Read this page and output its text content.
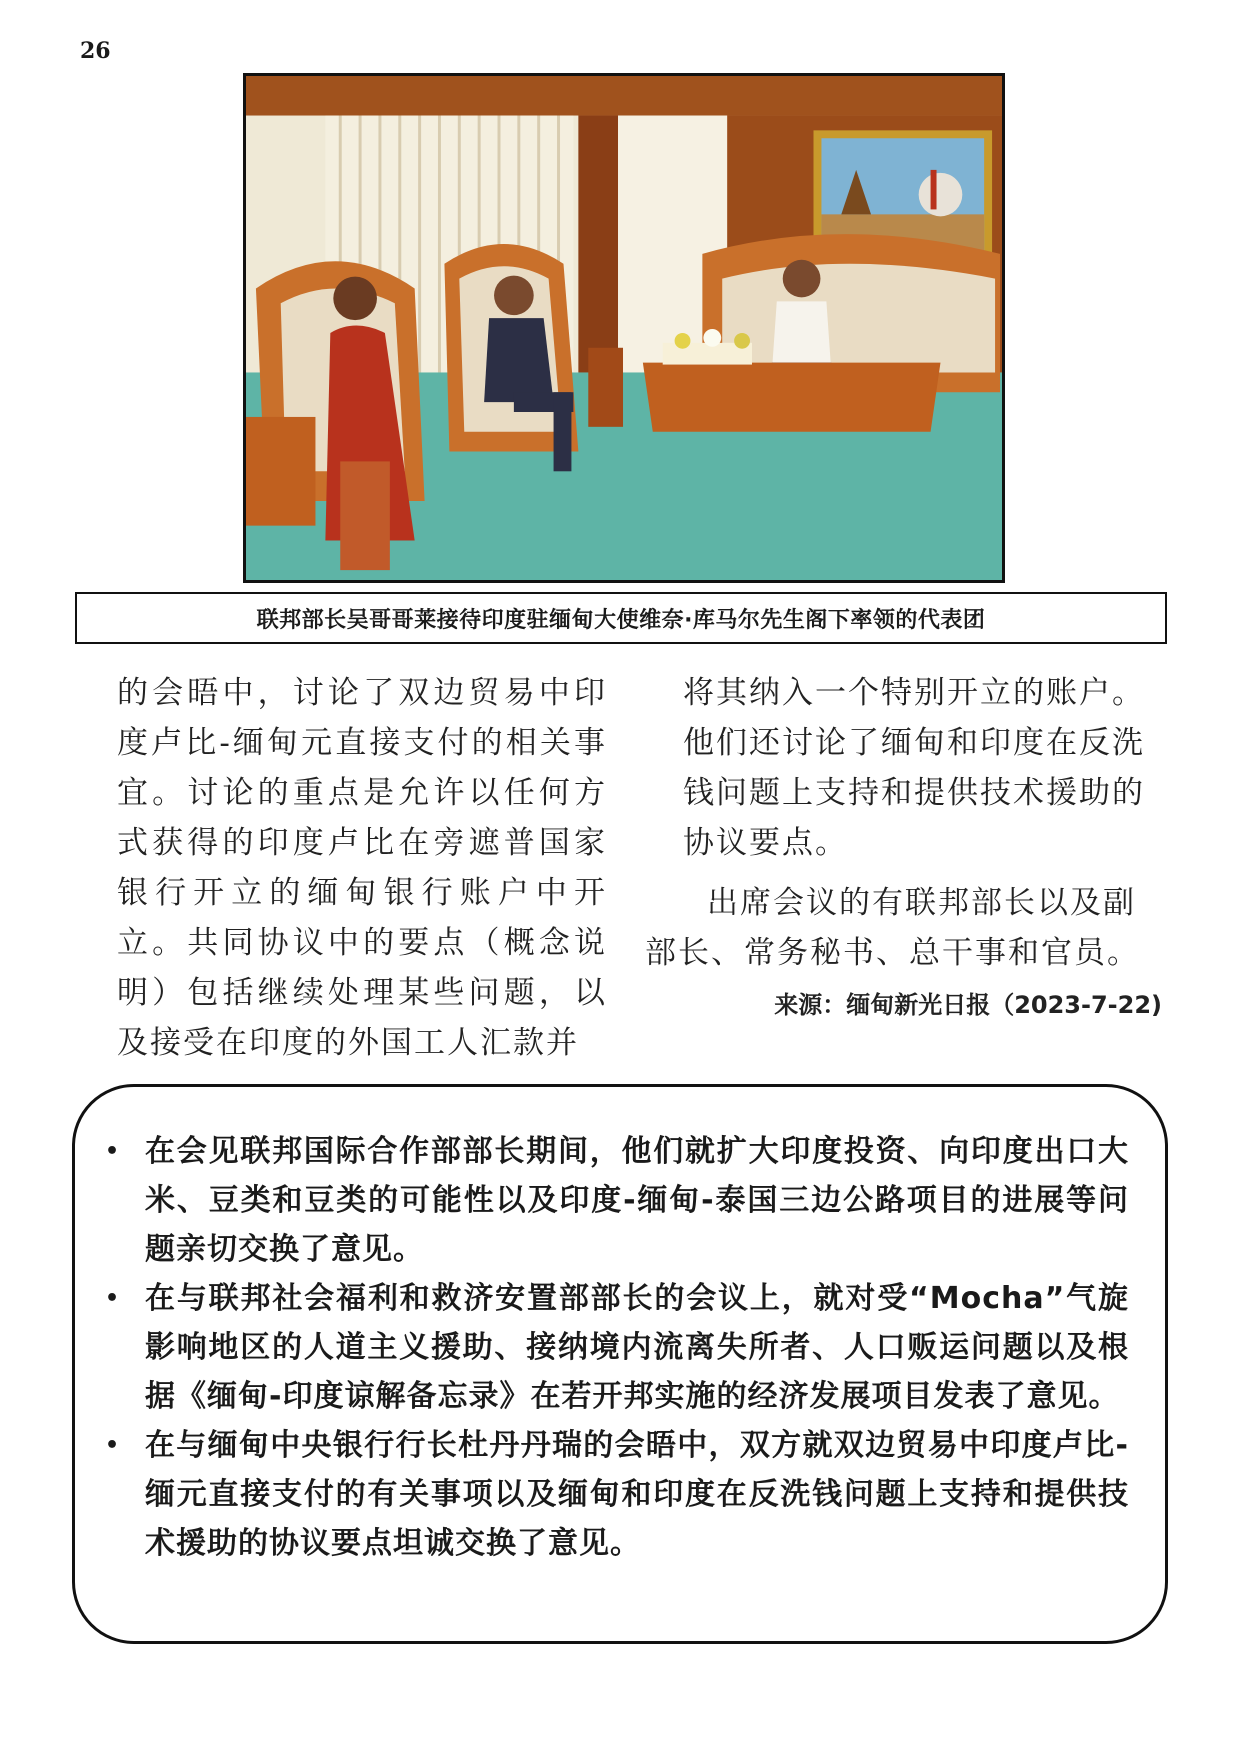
26
联邦部长吴哥哥莱接待印度驻缅甸大使维奈·库马尔先生阁下率领的代表团
的会晤中，讨论了双边贸易中印度卢比-缅甸元直接支付的相关事宜。讨论的重点是允许以任何方式获得的印度卢比在旁遮普国家银行开立的缅甸银行账户中开立。共同协议中的要点（概念说明）包括继续处理某些问题，以及接受在印度的外国工人汇款并

将其纳入一个特别开立的账户。他们还讨论了缅甸和印度在反洗钱问题上支持和提供技术援助的协议要点。

出席会议的有联邦部长以及副部长、常务秘书、总干事和官员。

来源：缅甸新光日报（2023-7-22)
• 在会见联邦国际合作部部长期间，他们就扩大印度投资、向印度出口大米、豆类和豆类的可能性以及印度-缅甸-泰国三边公路项目的进展等问题亲切交换了意见。
• 在与联邦社会福利和救济安置部部长的会议上，就对受“Mocha”气旋影响地区的人道主义援助、接纳境内流离失所者、人口贩运问题以及根据《缅甸-印度谅解备忘录》在若开邦实施的经济发展项目发表了意见。
• 在与缅甸中央银行行长杜丹丹瑞的会晤中，双方就双边贸易中印度卢比-缅元直接支付的有关事项以及缅甸和印度在反洗钱问题上支持和提供技术援助的协议要点坦诚交换了意见。
